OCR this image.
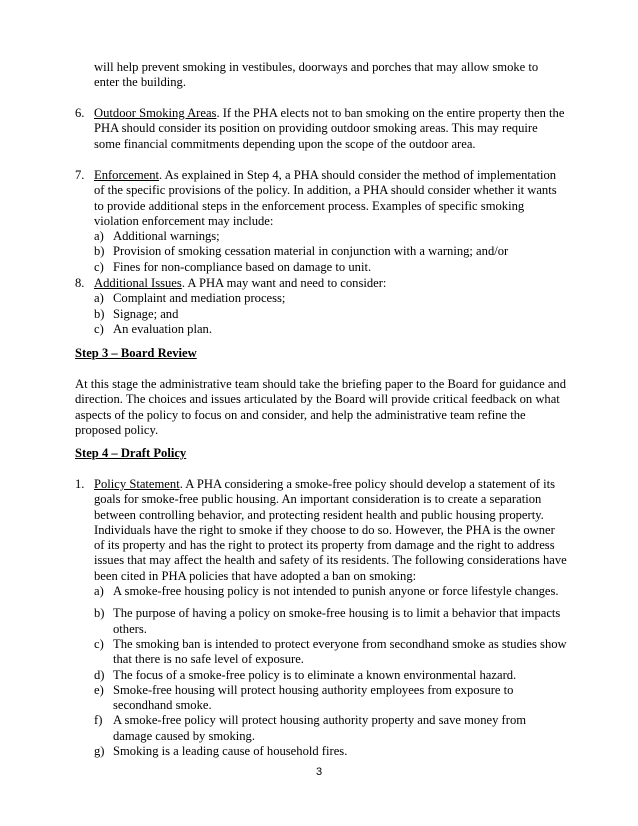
will help prevent smoking in vestibules, doorways and porches that may allow smoke to enter the building.
6. Outdoor Smoking Areas. If the PHA elects not to ban smoking on the entire property then the PHA should consider its position on providing outdoor smoking areas. This may require some financial commitments depending upon the scope of the outdoor area.
7. Enforcement. As explained in Step 4, a PHA should consider the method of implementation of the specific provisions of the policy. In addition, a PHA should consider whether it wants to provide additional steps in the enforcement process. Examples of specific smoking violation enforcement may include:
a) Additional warnings;
b) Provision of smoking cessation material in conjunction with a warning; and/or
c) Fines for non-compliance based on damage to unit.
8. Additional Issues. A PHA may want and need to consider:
a) Complaint and mediation process;
b) Signage; and
c) An evaluation plan.
Step 3 – Board Review
At this stage the administrative team should take the briefing paper to the Board for guidance and direction. The choices and issues articulated by the Board will provide critical feedback on what aspects of the policy to focus on and consider, and help the administrative team refine the proposed policy.
Step 4 – Draft Policy
1. Policy Statement. A PHA considering a smoke-free policy should develop a statement of its goals for smoke-free public housing. An important consideration is to create a separation between controlling behavior, and protecting resident health and public housing property. Individuals have the right to smoke if they choose to do so. However, the PHA is the owner of its property and has the right to protect its property from damage and the right to address issues that may affect the health and safety of its residents. The following considerations have been cited in PHA policies that have adopted a ban on smoking:
a) A smoke-free housing policy is not intended to punish anyone or force lifestyle changes.
b) The purpose of having a policy on smoke-free housing is to limit a behavior that impacts others.
c) The smoking ban is intended to protect everyone from secondhand smoke as studies show that there is no safe level of exposure.
d) The focus of a smoke-free policy is to eliminate a known environmental hazard.
e) Smoke-free housing will protect housing authority employees from exposure to secondhand smoke.
f) A smoke-free policy will protect housing authority property and save money from damage caused by smoking.
g) Smoking is a leading cause of household fires.
3
